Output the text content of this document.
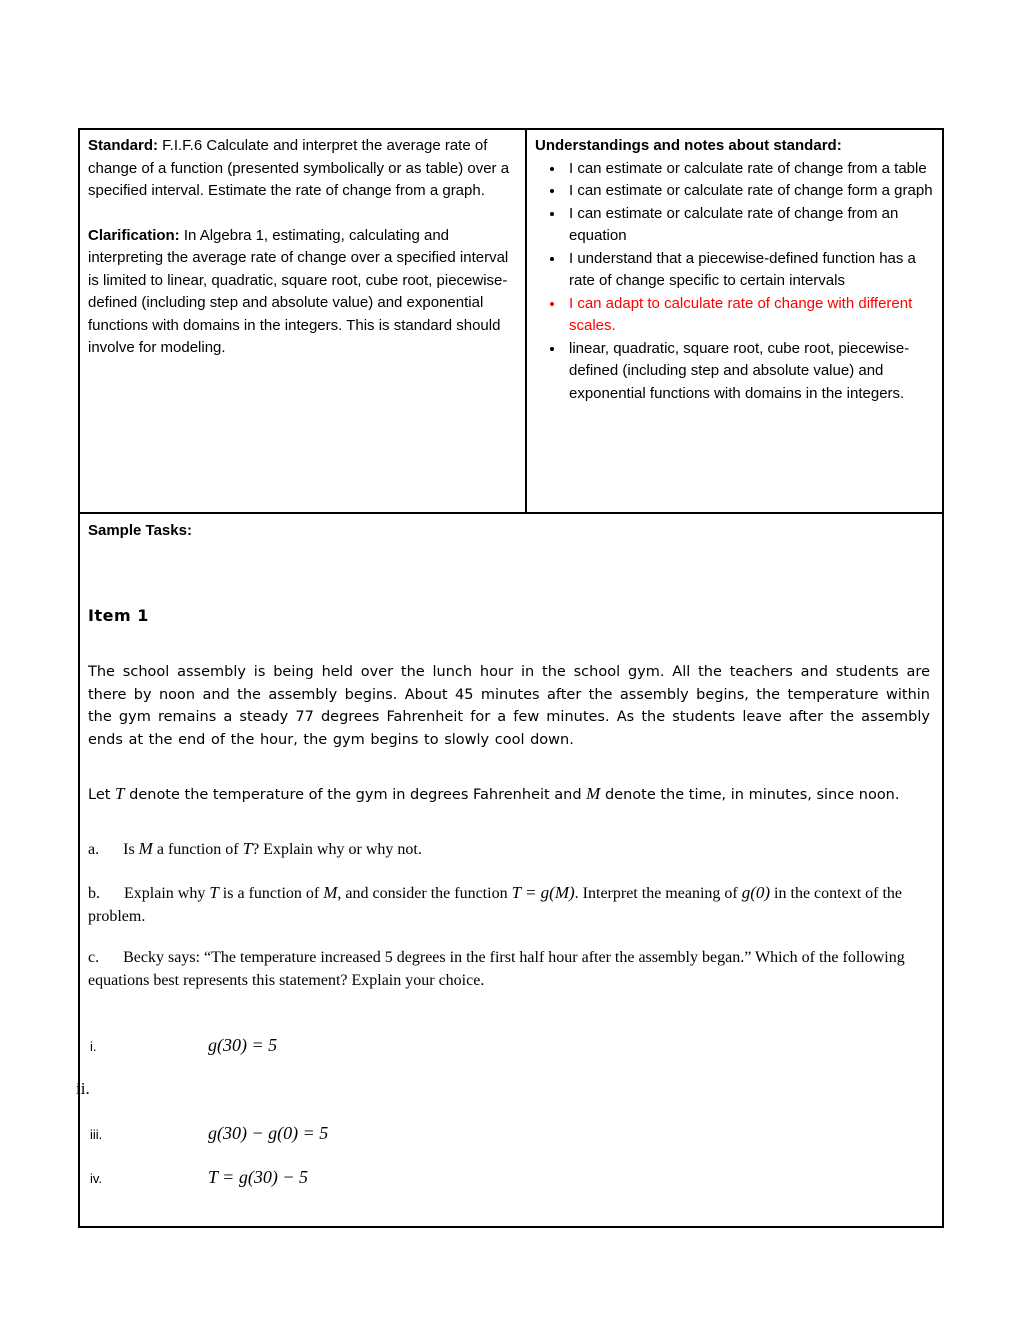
Standard: F.I.F.6 Calculate and interpret the average rate of change of a function (presented symbolically or as table) over a specified interval. Estimate the rate of change from a graph.

Clarification: In Algebra 1, estimating, calculating and interpreting the average rate of change over a specified interval is limited to linear, quadratic, square root, cube root, piecewise-defined (including step and absolute value) and exponential functions with domains in the integers. This is standard should involve for modeling.

Understandings and notes about standard:
• I can estimate or calculate rate of change from a table
• I can estimate or calculate rate of change form a graph
• I can estimate or calculate rate of change from an equation
• I understand that a piecewise-defined function has a rate of change specific to certain intervals
• I can adapt to calculate rate of change with different scales.
• linear, quadratic, square root, cube root, piecewise-defined (including step and absolute value) and exponential functions with domains in the integers.
Sample Tasks:
Item 1

The school assembly is being held over the lunch hour in the school gym. All the teachers and students are there by noon and the assembly begins. About 45 minutes after the assembly begins, the temperature within the gym remains a steady 77 degrees Fahrenheit for a few minutes. As the students leave after the assembly ends at the end of the hour, the gym begins to slowly cool down.

Let T denote the temperature of the gym in degrees Fahrenheit and M denote the time, in minutes, since noon.

a. Is M a function of T? Explain why or why not.

b. Explain why T is a function of M, and consider the function T = g(M). Interpret the meaning of g(0) in the context of the problem.

c. Becky says: “The temperature increased 5 degrees in the first half hour after the assembly began.” Which of the following equations best represents this statement? Explain your choice.

i.	g(30) = 5
ii.
iii.	g(30) − g(0) = 5
iv.	T = g(30) − 5
